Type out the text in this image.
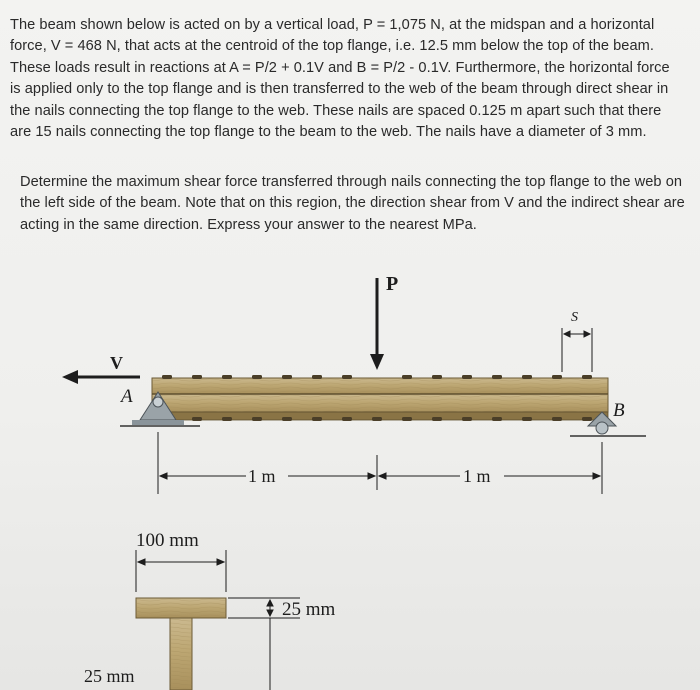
The beam shown below is acted on by a vertical load, P = 1,075 N, at the midspan and a horizontal
force, V = 468 N, that acts at the centroid of the top flange, i.e. 12.5 mm below the top of the beam.
These loads result in reactions at A = P/2 + 0.1V and B = P/2 - 0.1V. Furthermore, the horizontal force
is applied only to the top flange and is then transferred to the web of the beam through direct shear in
the nails connecting the top flange to the web. These nails are spaced 0.125 m apart such that there
are 15 nails connecting the top flange to the beam to the web. The nails have a diameter of 3 mm.
Determine the maximum shear force transferred through nails connecting the top flange to the web on
the left side of the beam. Note that on this region, the direction shear from V and the indirect shear are
acting in the same direction. Express your answer to the nearest MPa.
P
V
A
B
S
1 m	1 m
100 mm
25 mm
25 mm
